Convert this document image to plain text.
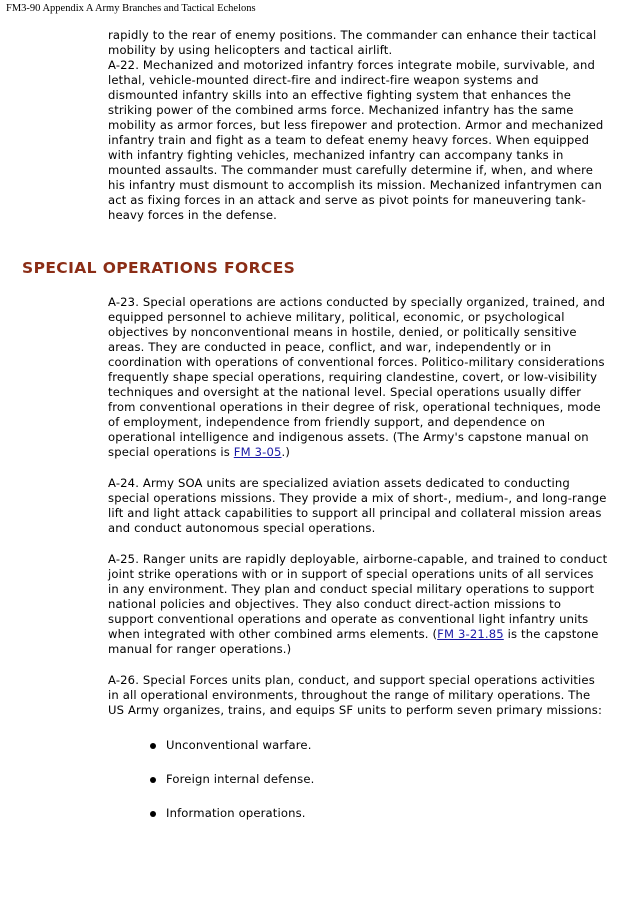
FM3-90 Appendix A Army Branches and Tactical Echelons

rapidly to the rear of enemy positions. The commander can enhance their tactical mobility by using helicopters and tactical airlift.

A-22. Mechanized and motorized infantry forces integrate mobile, survivable, and lethal, vehicle-mounted direct-fire and indirect-fire weapon systems and dismounted infantry skills into an effective fighting system that enhances the striking power of the combined arms force. Mechanized infantry has the same mobility as armor forces, but less firepower and protection. Armor and mechanized infantry train and fight as a team to defeat enemy heavy forces. When equipped with infantry fighting vehicles, mechanized infantry can accompany tanks in mounted assaults. The commander must carefully determine if, when, and where his infantry must dismount to accomplish its mission. Mechanized infantrymen can act as fixing forces in an attack and serve as pivot points for maneuvering tank-heavy forces in the defense.

SPECIAL OPERATIONS FORCES

A-23. Special operations are actions conducted by specially organized, trained, and equipped personnel to achieve military, political, economic, or psychological objectives by nonconventional means in hostile, denied, or politically sensitive areas. They are conducted in peace, conflict, and war, independently or in coordination with operations of conventional forces. Politico-military considerations frequently shape special operations, requiring clandestine, covert, or low-visibility techniques and oversight at the national level. Special operations usually differ from conventional operations in their degree of risk, operational techniques, mode of employment, independence from friendly support, and dependence on operational intelligence and indigenous assets. (The Army's capstone manual on special operations is FM 3-05.)

A-24. Army SOA units are specialized aviation assets dedicated to conducting special operations missions. They provide a mix of short-, medium-, and long-range lift and light attack capabilities to support all principal and collateral mission areas and conduct autonomous special operations.

A-25. Ranger units are rapidly deployable, airborne-capable, and trained to conduct joint strike operations with or in support of special operations units of all services in any environment. They plan and conduct special military operations to support national policies and objectives. They also conduct direct-action missions to support conventional operations and operate as conventional light infantry units when integrated with other combined arms elements. (FM 3-21.85 is the capstone manual for ranger operations.)

A-26. Special Forces units plan, conduct, and support special operations activities in all operational environments, throughout the range of military operations. The US Army organizes, trains, and equips SF units to perform seven primary missions:

Unconventional warfare.
Foreign internal defense.
Information operations.
